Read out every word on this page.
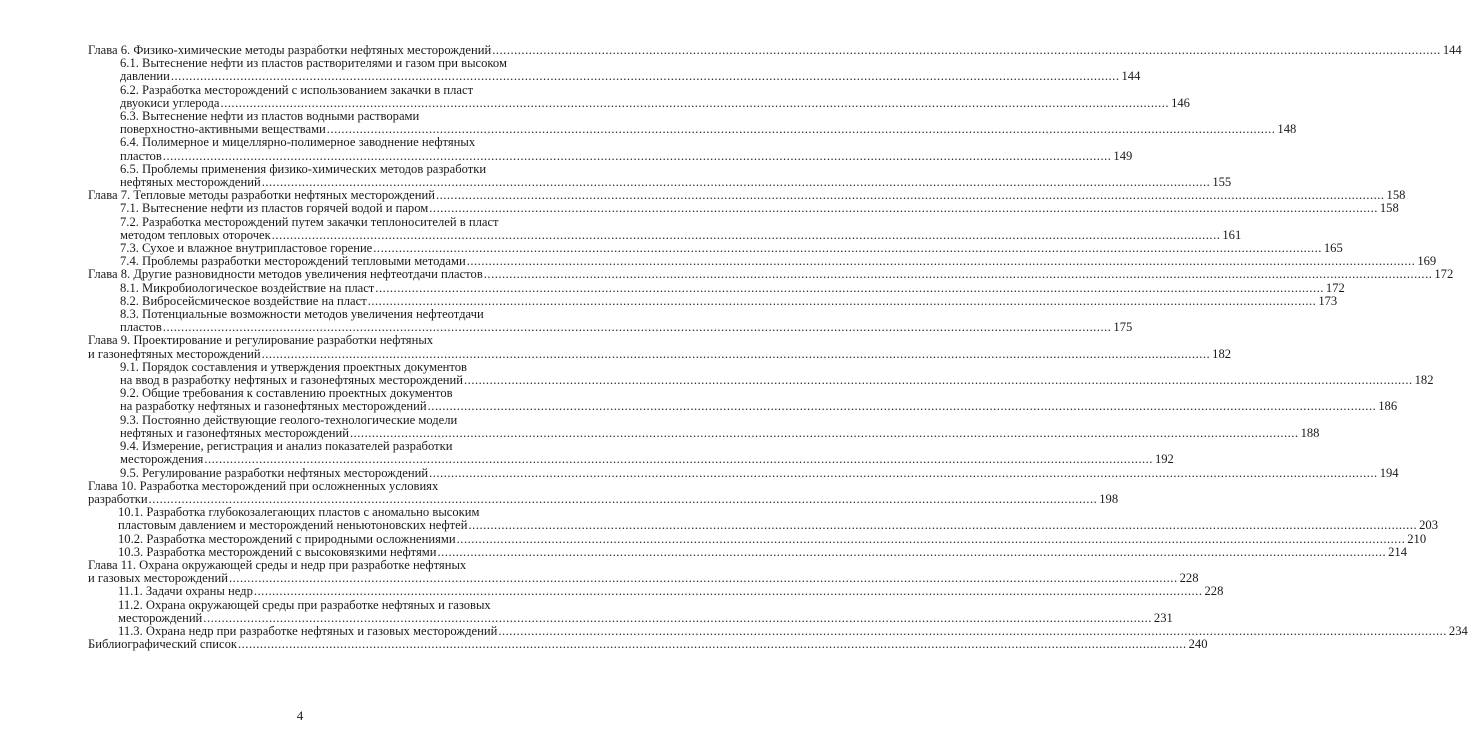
Глава 6. Физико-химические методы разработки нефтяных месторождений .................................................................................................................................................................................................................................................................... 144
6.1. Вытеснение нефти из пластов растворителями и газом при высоком
давлении .................................................................................................................................................................................................................................................................... 144
6.2. Разработка месторождений с использованием закачки в пласт
двуокиси углерода .................................................................................................................................................................................................................................................................... 146
6.3. Вытеснение нефти из пластов водными растворами
поверхностно-активными веществами .................................................................................................................................................................................................................................................................... 148
6.4. Полимерное и мицеллярно-полимерное заводнение нефтяных
пластов .................................................................................................................................................................................................................................................................... 149
6.5. Проблемы применения физико-химических методов разработки
нефтяных месторождений .................................................................................................................................................................................................................................................................... 155
Глава 7. Тепловые методы разработки нефтяных месторождений .................................................................................................................................................................................................................................................................... 158
7.1. Вытеснение нефти из пластов горячей водой и паром .................................................................................................................................................................................................................................................................... 158
7.2. Разработка месторождений путем закачки теплоносителей в пласт
методом тепловых оторочек .................................................................................................................................................................................................................................................................... 161
7.3. Сухое и влажное внутрипластовое горение .................................................................................................................................................................................................................................................................... 165
7.4. Проблемы разработки месторождений тепловыми методами .................................................................................................................................................................................................................................................................... 169
Глава 8. Другие разновидности методов увеличения нефтеотдачи пластов .................................................................................................................................................................................................................................................................... 172
8.1. Микробиологическое воздействие на пласт .................................................................................................................................................................................................................................................................... 172
8.2. Вибросейсмическое воздействие на пласт .................................................................................................................................................................................................................................................................... 173
8.3. Потенциальные возможности методов увеличения нефтеотдачи
пластов .................................................................................................................................................................................................................................................................... 175
Глава 9. Проектирование и регулирование разработки нефтяных
и газонефтяных месторождений .................................................................................................................................................................................................................................................................... 182
9.1. Порядок составления и утверждения проектных документов
на ввод в разработку нефтяных и газонефтяных месторождений .................................................................................................................................................................................................................................................................... 182
9.2. Общие требования к составлению проектных документов
на разработку нефтяных и газонефтяных месторождений .................................................................................................................................................................................................................................................................... 186
9.3. Постоянно действующие геолого-технологические модели
нефтяных и газонефтяных месторождений .................................................................................................................................................................................................................................................................... 188
9.4. Измерение, регистрация и анализ показателей разработки
месторождения .................................................................................................................................................................................................................................................................... 192
9.5. Регулирование разработки нефтяных месторождений .................................................................................................................................................................................................................................................................... 194
Глава 10. Разработка месторождений при осложненных условиях
разработки .................................................................................................................................................................................................................................................................... 198
10.1. Разработка глубокозалегающих пластов с аномально высоким
пластовым давлением и месторождений неньютоновских нефтей .................................................................................................................................................................................................................................................................... 203
10.2. Разработка месторождений с природными осложнениями .................................................................................................................................................................................................................................................................... 210
10.3. Разработка месторождений с высоковязкими нефтями .................................................................................................................................................................................................................................................................... 214
Глава 11. Охрана окружающей среды и недр при разработке нефтяных
и газовых месторождений .................................................................................................................................................................................................................................................................... 228
11.1. Задачи охраны недр .................................................................................................................................................................................................................................................................... 228
11.2. Охрана окружающей среды при разработке нефтяных и газовых
месторождений .................................................................................................................................................................................................................................................................... 231
11.3. Охрана недр при разработке нефтяных и газовых месторождений .................................................................................................................................................................................................................................................................... 234
Библиографический список .................................................................................................................................................................................................................................................................... 240
4
